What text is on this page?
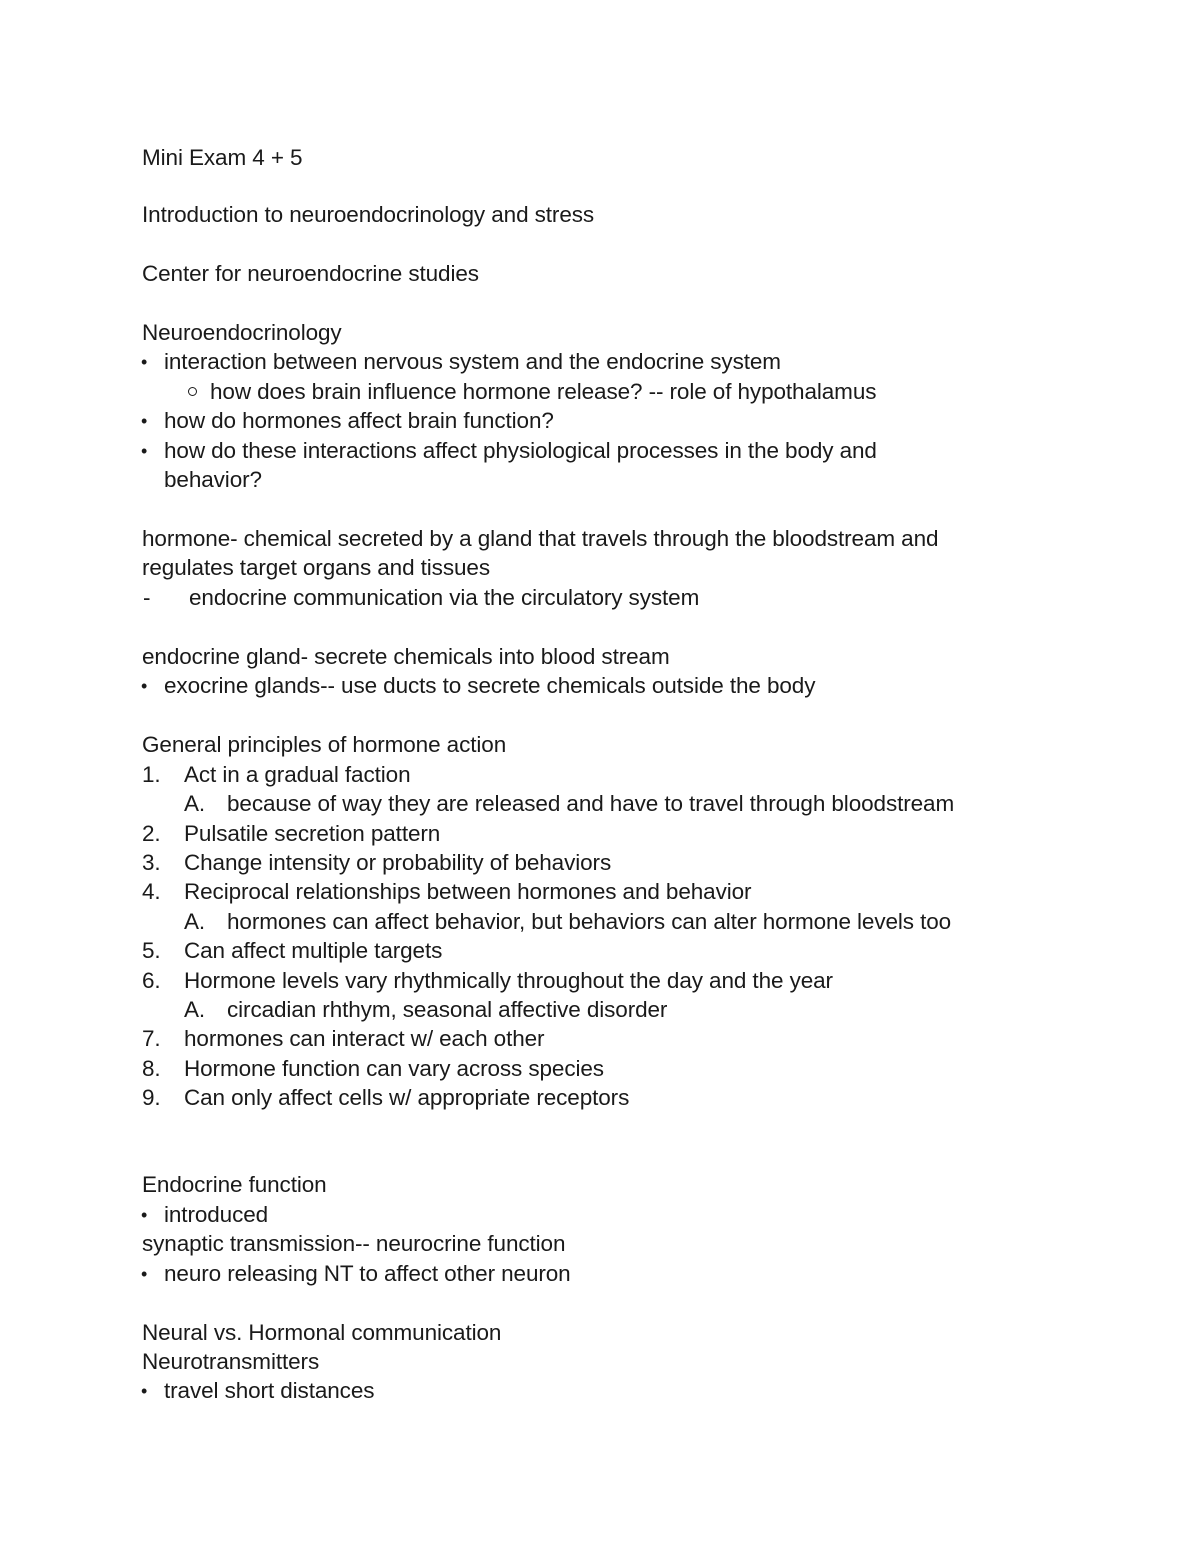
Mini Exam 4 + 5
Introduction to neuroendocrinology and stress
Center for neuroendocrine studies
Neuroendocrinology
• interaction between nervous system and the endocrine system
how does brain influence hormone release? -- role of hypothalamus
• how do hormones affect brain function?
• how do these interactions affect physiological processes in the body and
behavior?
hormone- chemical secreted by a gland that travels through the bloodstream and
regulates target organs and tissues
- endocrine communication via the circulatory system
endocrine gland- secrete chemicals into blood stream
• exocrine glands-- use ducts to secrete chemicals outside the body
General principles of hormone action
1. Act in a gradual faction
A. because of way they are released and have to travel through bloodstream
2. Pulsatile secretion pattern
3. Change intensity or probability of behaviors
4. Reciprocal relationships between hormones and behavior
A. hormones can affect behavior, but behaviors can alter hormone levels too
5. Can affect multiple targets
6. Hormone levels vary rhythmically throughout the day and the year
A. circadian rhthym, seasonal affective disorder
7. hormones can interact w/ each other
8. Hormone function can vary across species
9. Can only affect cells w/ appropriate receptors
Endocrine function
• introduced
synaptic transmission-- neurocrine function
• neuro releasing NT to affect other neuron
Neural vs. Hormonal communication
Neurotransmitters
• travel short distances
